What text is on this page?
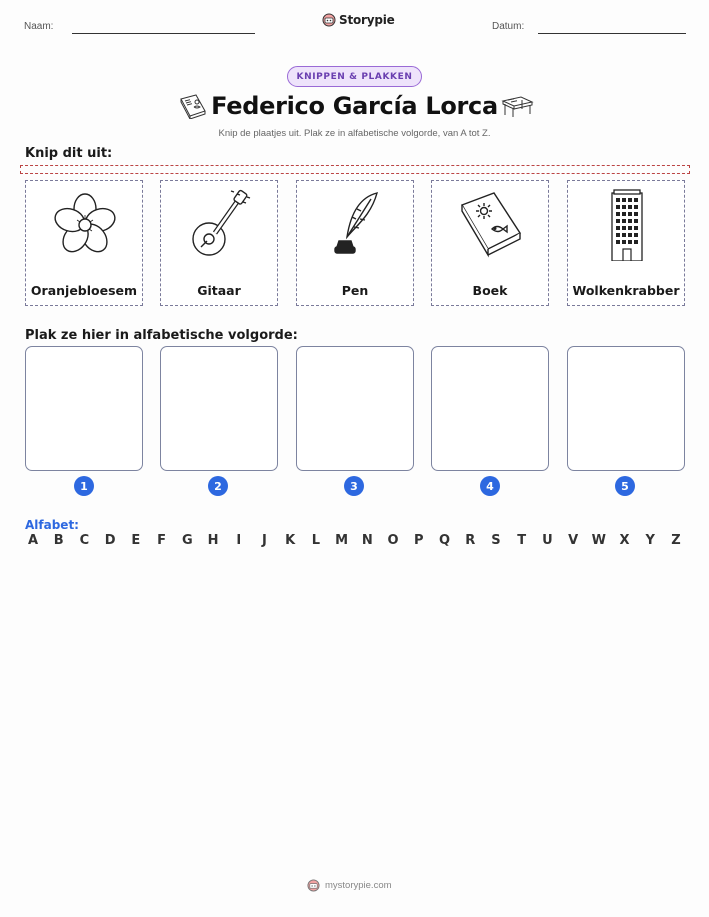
Naam:	Storypie	Datum:
KNIPPEN & PLAKKEN
Federico García Lorca
Knip de plaatjes uit. Plak ze in alfabetische volgorde, van A tot Z.
Knip dit uit:
Oranjebloesem	Gitaar	Pen	Boek	Wolkenkrabber
Plak ze hier in alfabetische volgorde:
1	2	3	4	5
Alfabet:
A B C D E F G H	I	J	K L M N O P Q R S T U V W X Y Z
mystorypie.com
